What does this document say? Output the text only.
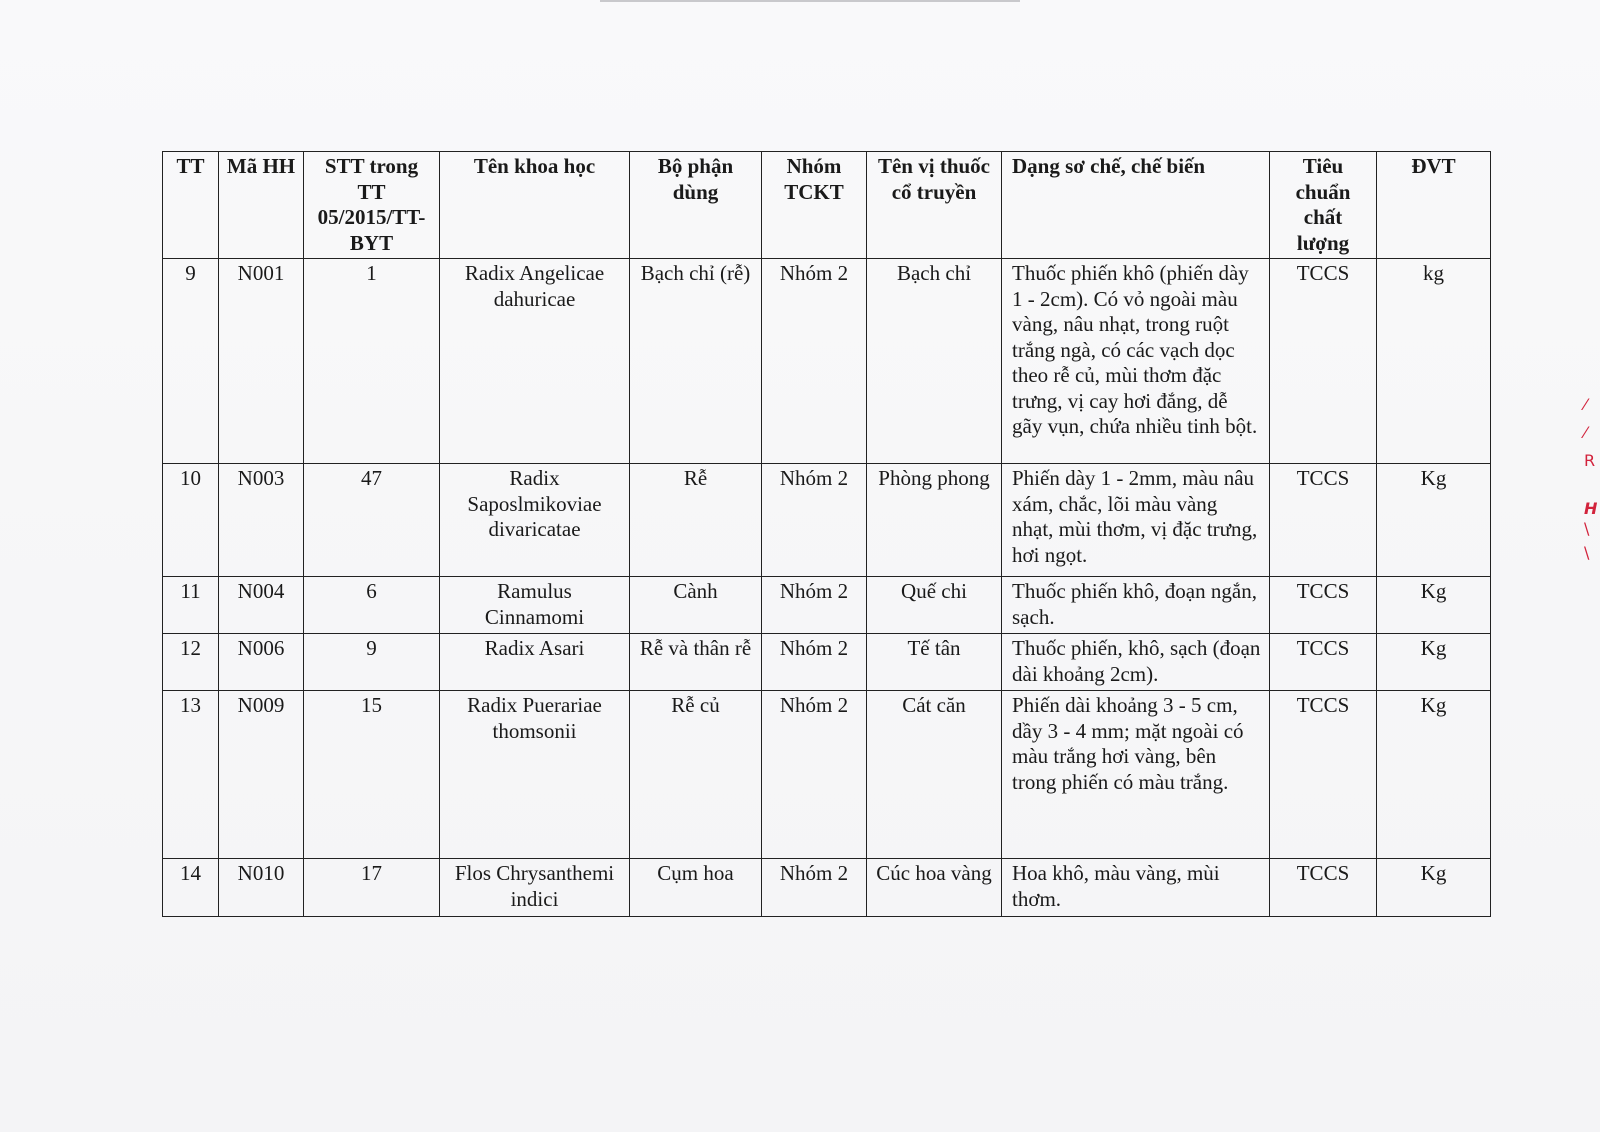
TT	Mã HH	STT trong TT 05/2015/TT-BYT	Tên khoa học	Bộ phận dùng	Nhóm TCKT	Tên vị thuốc cổ truyền	Dạng sơ chế, chế biến	Tiêu chuẩn chất lượng	ĐVT
9	N001	1	Radix Angelicae dahuricae	Bạch chỉ (rễ)	Nhóm 2	Bạch chỉ	Thuốc phiến khô (phiến dày 1 - 2cm). Có vỏ ngoài màu vàng, nâu nhạt, trong ruột trắng ngà, có các vạch dọc theo rễ củ, mùi thơm đặc trưng, vị cay hơi đắng, dễ gãy vụn, chứa nhiều tinh bột.	TCCS	kg
10	N003	47	Radix Saposlmikoviae divaricatae	Rễ	Nhóm 2	Phòng phong	Phiến dày 1 - 2mm, màu nâu xám, chắc, lõi màu vàng nhạt, mùi thơm, vị đặc trưng, hơi ngọt.	TCCS	Kg
11	N004	6	Ramulus Cinnamomi	Cành	Nhóm 2	Quế chi	Thuốc phiến khô, đoạn ngắn, sạch.	TCCS	Kg
12	N006	9	Radix Asari	Rễ và thân rễ	Nhóm 2	Tế tân	Thuốc phiến, khô, sạch (đoạn dài khoảng 2cm).	TCCS	Kg
13	N009	15	Radix Puerariae thomsonii	Rễ củ	Nhóm 2	Cát căn	Phiến dài khoảng 3 - 5 cm, dầy 3 - 4 mm; mặt ngoài có màu trắng hơi vàng, bên trong phiến có màu trắng.	TCCS	Kg
14	N010	17	Flos Chrysanthemi indici	Cụm hoa	Nhóm 2	Cúc hoa vàng	Hoa khô, màu vàng, mùi thơm.	TCCS	Kg
⁄
⁄
R
H
\
\
